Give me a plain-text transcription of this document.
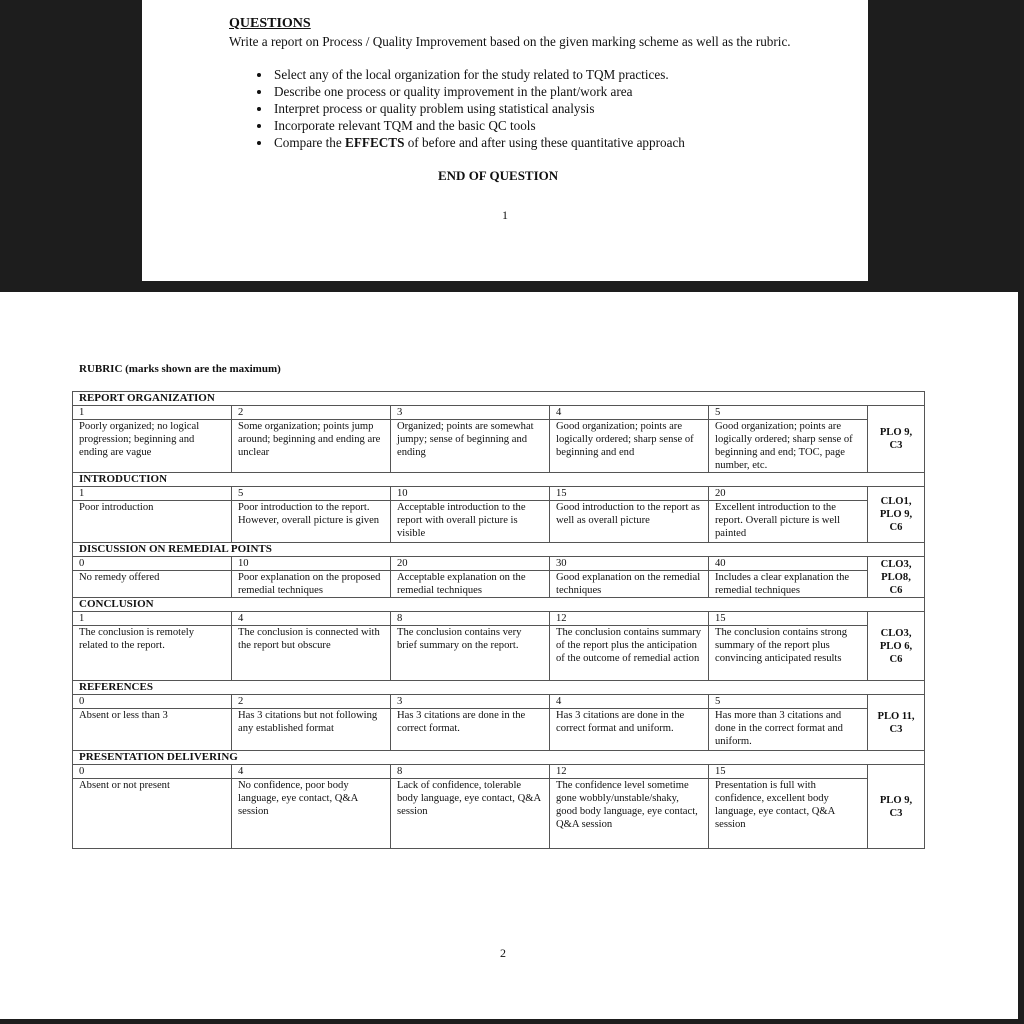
QUESTIONS
Write a report on Process / Quality Improvement based on the given marking scheme as well as the rubric.
• Select any of the local organization for the study related to TQM practices.
• Describe one process or quality improvement in the plant/work area
• Interpret process or quality problem using statistical analysis
• Incorporate relevant TQM and the basic QC tools
• Compare the EFFECTS of before and after using these quantitative approach
END OF QUESTION
1
RUBRIC (marks shown are the maximum)
REPORT ORGANIZATION					
1	2	3	4	5	PLO 9, C3
Poorly organized; no logical progression; beginning and ending are vague	Some organization; points jump around; beginning and ending are unclear	Organized; points are somewhat jumpy; sense of beginning and ending	Good organization; points are logically ordered; sharp sense of beginning and end	Good organization; points are logically ordered; sharp sense of beginning and end; TOC, page number, etc.	
INTRODUCTION					
1	5	10	15	20	CLO1, PLO 9, C6
Poor introduction	Poor introduction to the report. However, overall picture is given	Acceptable introduction to the report with overall picture is visible	Good introduction to the report as well as overall picture	Excellent introduction to the report. Overall picture is well painted	
DISCUSSION ON REMEDIAL POINTS					
0	10	20	30	40	CLO3, PLO8, C6
No remedy offered	Poor explanation on the proposed remedial techniques	Acceptable explanation on the remedial techniques	Good explanation on the remedial techniques	Includes a clear explanation the remedial techniques	
CONCLUSION					
1	4	8	12	15	CLO3, PLO 6, C6
The conclusion is remotely related to the report.	The conclusion is connected with the report but obscure	The conclusion contains very brief summary on the report.	The conclusion contains summary of the report plus the anticipation of the outcome of remedial action	The conclusion contains strong summary of the report plus convincing anticipated results	
REFERENCES					
0	2	3	4	5	PLO 11, C3
Absent or less than 3	Has 3 citations but not following any established format	Has 3 citations are done in the correct format.	Has 3 citations are done in the correct format and uniform.	Has more than 3 citations and done in the correct format and uniform.	
PRESENTATION DELIVERING					
0	4	8	12	15	PLO 9, C3
Absent or not present	No confidence, poor body language, eye contact, Q&A session	Lack of confidence, tolerable body language, eye contact, Q&A session	The confidence level sometime gone wobbly/unstable/shaky, good body language, eye contact, Q&A session	Presentation is full with confidence, excellent body language, eye contact, Q&A session	
2
